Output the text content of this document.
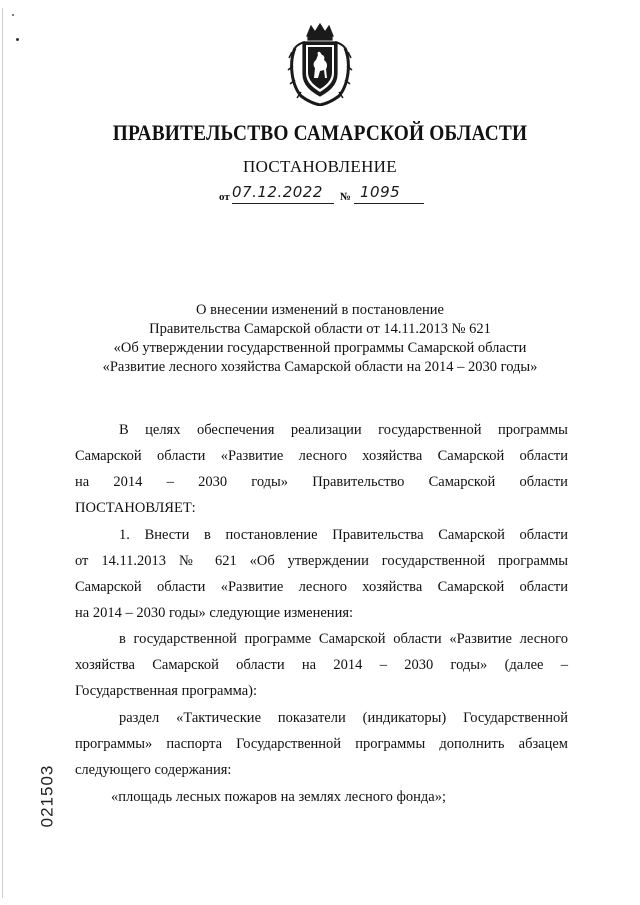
ПРАВИТЕЛЬСТВО САМАРСКОЙ ОБЛАСТИ
ПОСТАНОВЛЕНИЕ
от 07.12.2022 № 1095
О внесении изменений в постановление
Правительства Самарской области от 14.11.2013 № 621
«Об утверждении государственной программы Самарской области
«Развитие лесного хозяйства Самарской области на 2014 – 2030 годы»
В целях обеспечения реализации государственной программы
Самарской области «Развитие лесного хозяйства Самарской области
на 2014 – 2030 годы» Правительство Самарской области
ПОСТАНОВЛЯЕТ:
1. Внести в постановление Правительства Самарской области
от 14.11.2013 № 621 «Об утверждении государственной программы
Самарской области «Развитие лесного хозяйства Самарской области
на 2014 – 2030 годы» следующие изменения:
в государственной программе Самарской области «Развитие лесного
хозяйства Самарской области на 2014 – 2030 годы» (далее –
Государственная программа):
раздел «Тактические показатели (индикаторы) Государственной
программы» паспорта Государственной программы дополнить абзацем
следующего содержания:
«площадь лесных пожаров на землях лесного фонда»;
021503
